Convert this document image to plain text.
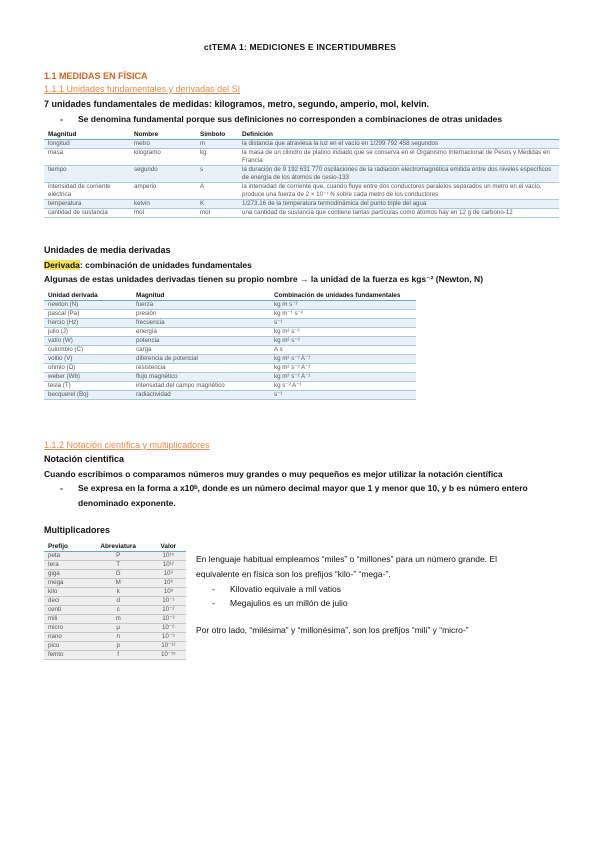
ctTEMA 1: MEDICIONES E INCERTIDUMBRES
1.1 MEDIDAS EN FÍSICA
1.1.1 Unidades fundamentales y derivadas del SI
7 unidades fundamentales de medidas: kilogramos, metro, segundo, amperio, mol, kelvin.
- Se denomina fundamental porque sus definiciones no corresponden a combinaciones de otras unidades
Magnitud	Nombre	Símbolo	Definición
longitud	metro	m	la distancia que atraviesa la luz en el vacío en 1/299 792 458 segundos
masa	kilogramo	kg	la masa de un cilindro de platino iridiado que se conserva en el Organismo Internacional de Pesos y Medidas en Francia
tiempo	segundo	s	la duración de 9 192 631 770 oscilaciones de la radiación electromagnética emitida entre dos niveles específicos de energía de los átomos de cesio-133
intensidad de corriente eléctrica	amperio	A	la intensidad de corriente que, cuando fluye entre dos conductores paralelos separados un metro en el vacío, produce una fuerza de 2 × 10⁻⁷ N sobre cada metro de los conductores
temperatura	kelvin	K	1/273,16 de la temperatura termodinámica del punto triple del agua
cantidad de sustancia	mol	mol	una cantidad de sustancia que contiene tantas partículas como átomos hay en 12 g de carbono-12
Unidades de media derivadas
Derivada: combinación de unidades fundamentales
Algunas de estas unidades derivadas tienen su propio nombre → la unidad de la fuerza es kgs⁻² (Newton, N)
Unidad derivada	Magnitud	Combinación de unidades fundamentales
newton (N)	fuerza	kg m s⁻²
pascal (Pa)	presión	kg m⁻¹ s⁻²
hercio (Hz)	frecuencia	s⁻¹
julio (J)	energía	kg m² s⁻²
vatio (W)	potencia	kg m² s⁻³
culombio (C)	carga	A s
voltio (V)	diferencia de potencial	kg m² s⁻³ A⁻¹
ohmio (Ω)	resistencia	kg m² s⁻³ A⁻²
weber (Wb)	flujo magnético	kg m² s⁻² A⁻¹
tesla (T)	intensidad del campo magnético	kg s⁻² A⁻¹
becquerel (Bq)	radiactividad	s⁻¹
1.1.2 Notación científica y multiplicadores
Notación científica
Cuando escribimos o comparamos números muy grandes o muy pequeños es mejor utilizar la notación científica
- Se expresa en la forma a x10ᵇ, donde es un número decimal mayor que 1 y menor que 10, y b es número entero
denominado exponente.
Multiplicadores
Prefijo	Abreviatura	Valor
peta	P	10¹⁵
tera	T	10¹²
giga	G	10⁹
mega	M	10⁶
kilo	k	10³
deci	d	10⁻¹
centi	c	10⁻²
mili	m	10⁻³
micro	μ	10⁻⁶
nano	n	10⁻⁹
pico	p	10⁻¹²
femto	f	10⁻¹⁵
En lenguaje habitual empleamos “miles” o “millones” para un número grande. El
equivalente en física son los prefijos “kilo-” “mega-”.
- Kilovatio equivale a mil vatios
- Megajulios es un millón de julio
Por otro lado, “milésima” y “millonésima”, son los prefijos “mili” y “micro-”
